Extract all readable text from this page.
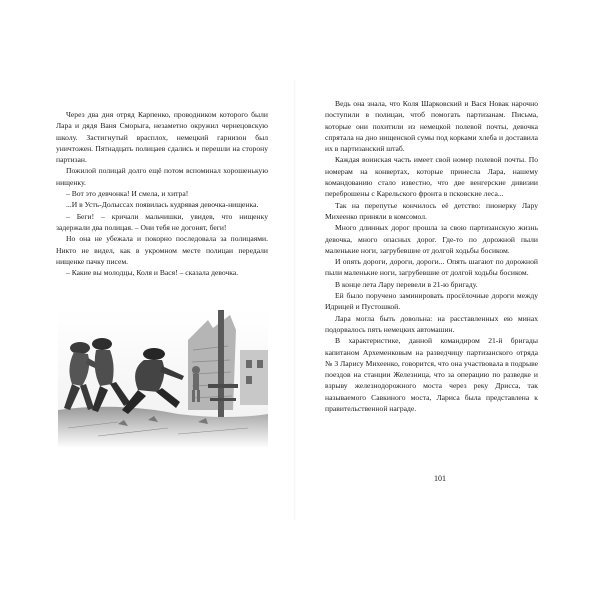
Через два дня отряд Карпенко, проводником которого были Лара и дядя Ваня Сморыга, незаметно окружил чернецовскую школу. Застигнутый врасплох, немецкий гарнизон был уничтожен. Пятнадцать полицаев сдались и перешли на сторону партизан.

Пожилой полицай долго ещё потом вспоминал хорошенькую нищенку.

– Вот это девчонка! И смела, и хитра!

...И в Усть-Долыссах появилась кудрявая девочка-нищенка.

– Беги! – кричали мальчишки, увидев, что нищенку задержали два полицая. – Они тебя не догонят, беги!

Но она не убежала и покорно последовала за полицаями. Никто не видел, как в укромном месте полицаи передали нищенке пачку писем.

– Какие вы молодцы, Коля и Вася! – сказала девочка.

Ведь она знала, что Коля Шарковский и Вася Новак нарочно поступили в полицаи, чтоб помогать партизанам. Письма, которые они похитили из немецкой полевой почты, девочка спрятала на дно нищенской сумы под корками хлеба и доставила их в партизанский штаб.

Каждая воинская часть имеет свой номер полевой почты. По номерам на конвертах, которые принесла Лара, нашему командованию стало известно, что две венгерские дивизии переброшены с Карельского фронта в псковские леса...

Так на перепутье кончилось её детство: пионерку Лару Михеенко приняли в комсомол.

Много длинных дорог прошла за свою партизанскую жизнь девочка, много опасных дорог. Где-то по дорожной пыли маленькие ноги, загрубевшие от долгой ходьбы босиком.

И опять дороги, дороги, дороги... Опять шагают по дорожной пыли маленькие ноги, загрубевшие от долгой ходьбы босиком.

В конце лета Лару перевели в 21-ю бригаду.

Ей было поручено заминировать просёлочные дороги между Идрицей и Пустошкой.

Лара могла быть довольна: на расставленных ею минах подорвалось пять немецких автомашин.

В характеристике, данной командиром 21-й бригады капитаном Археменковым на разведчицу партизанского отряда № 3 Ларису Михеенко, говорится, что она участвовала в подрыве поездов на станции Железница, что за операцию по разведке и взрыву железнодорожного моста через реку Дрисса, так называемого Савкиного моста, Лариса была представлена к правительственной награде.

101
